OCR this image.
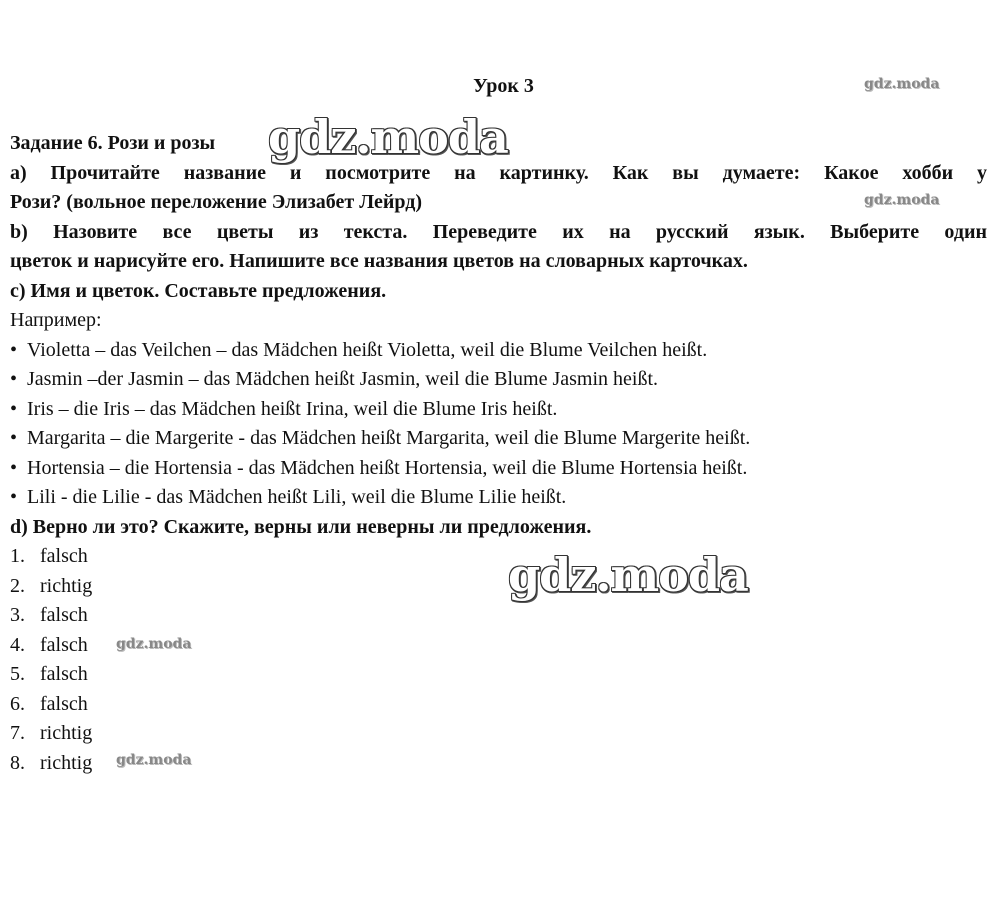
Урок 3
Задание 6. Рози и розы
a) Прочитайте название и посмотрите на картинку. Как вы думаете: Какое хобби у
Рози? (вольное переложение Элизабет Лейрд)
b) Назовите все цветы из текста. Переведите их на русский язык. Выберите один
цветок и нарисуйте его. Напишите все названия цветов на словарных карточках.
c) Имя и цветок. Составьте предложения.
Например:
• Violetta – das Veilchen – das Mädchen heißt Violetta, weil die Blume Veilchen heißt.
• Jasmin –der Jasmin – das Mädchen heißt Jasmin, weil die Blume Jasmin heißt.
• Iris – die Iris – das Mädchen heißt Irina, weil die Blume Iris heißt.
• Margarita – die Margerite - das Mädchen heißt Margarita, weil die Blume Margerite heißt.
• Hortensia – die Hortensia - das Mädchen heißt Hortensia, weil die Blume Hortensia heißt.
• Lili - die Lilie - das Mädchen heißt Lili, weil die Blume Lilie heißt.
d) Верно ли это? Скажите, верны или неверны ли предложения.
1. falsch
2. richtig
3. falsch
4. falsch
5. falsch
6. falsch
7. richtig
8. richtig
gdz.moda
gdz.moda
gdz.moda
gdz.moda
gdz.moda
gdz.moda
